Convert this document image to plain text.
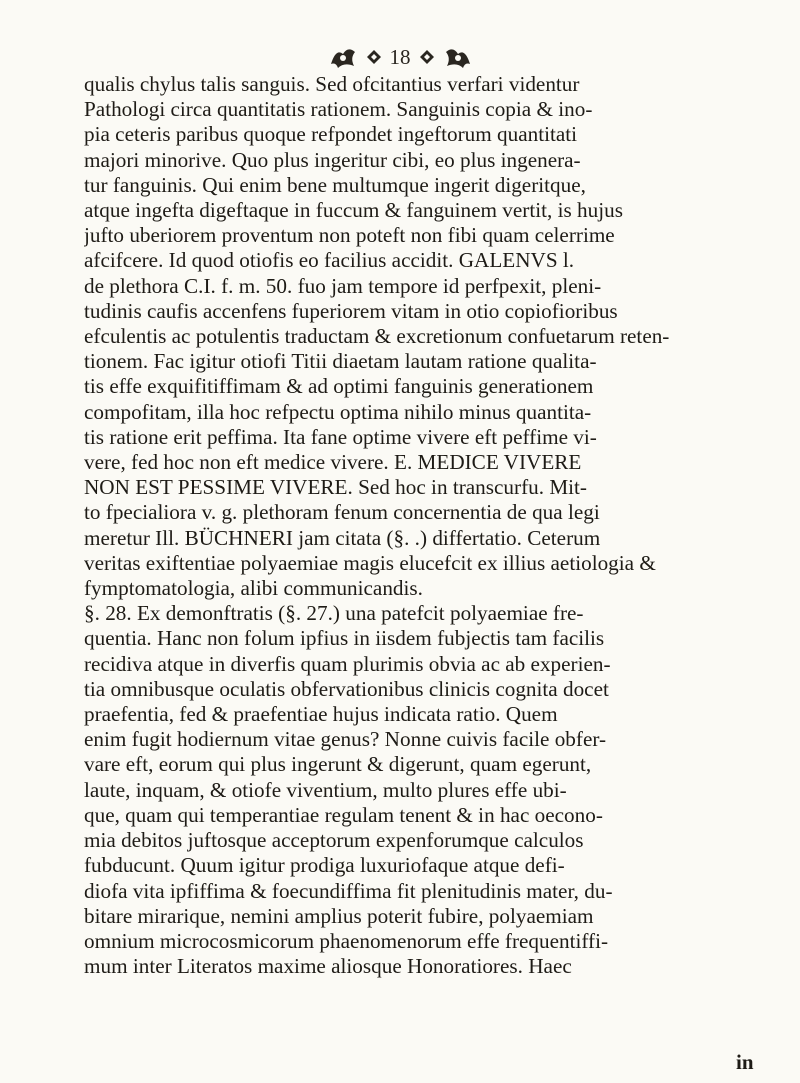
18
qualis chylus talis sanguis. Sed ofcitantius verfari videntur
Pathologi circa quantitatis rationem. Sanguinis copia & ino-
pia ceteris paribus quoque refpondet ingeftorum quantitati
majori minorive. Quo plus ingeritur cibi, eo plus ingenera-
tur fanguinis. Qui enim bene multumque ingerit digeritque,
atque ingefta digeftaque in fuccum & fanguinem vertit, is hujus
jufto uberiorem proventum non poteft non fibi quam celerrime
afcifcere. Id quod otiofis eo facilius accidit. GALENVS l.
de plethora C.I. f. m. 50. fuo jam tempore id perfpexit, pleni-
tudinis caufis accenfens fuperiorem vitam in otio copiofioribus
efculentis ac potulentis traductam & excretionum confuetarum reten-
tionem. Fac igitur otiofi Titii diaetam lautam ratione qualita-
tis effe exquifitiffimam & ad optimi fanguinis generationem
compofitam, illa hoc refpectu optima nihilo minus quantita-
tis ratione erit peffima. Ita fane optime vivere eft peffime vi-
vere, fed hoc non eft medice vivere. E. MEDICE VIVERE
NON EST PESSIME VIVERE. Sed hoc in transcurfu. Mit-
to fpecialiora v. g. plethoram fenum concernentia de qua legi
meretur Ill. BÜCHNERI jam citata (§. .) differtatio. Ceterum
veritas exiftentiae polyaemiae magis elucefcit ex illius aetiologia &
fymptomatologia, alibi communicandis.
§. 28. Ex demonftratis (§. 27.) una patefcit polyaemiae fre-
quentia. Hanc non folum ipfius in iisdem fubjectis tam facilis
recidiva atque in diverfis quam plurimis obvia ac ab experien-
tia omnibusque oculatis obfervationibus clinicis cognita docet
praefentia, fed & praefentiae hujus indicata ratio. Quem
enim fugit hodiernum vitae genus? Nonne cuivis facile obfer-
vare eft, eorum qui plus ingerunt & digerunt, quam egerunt,
laute, inquam, & otiofe viventium, multo plures effe ubi-
que, quam qui temperantiae regulam tenent & in hac oecono-
mia debitos juftosque acceptorum expenforumque calculos
fubducunt. Quum igitur prodiga luxuriofaque atque defi-
diofa vita ipfiffima & foecundiffima fit plenitudinis mater, du-
bitare mirarique, nemini amplius poterit fubire, polyaemiam
omnium microcosmicorum phaenomenorum effe frequentiffi-
mum inter Literatos maxime aliosque Honoratiores. Haec
in
